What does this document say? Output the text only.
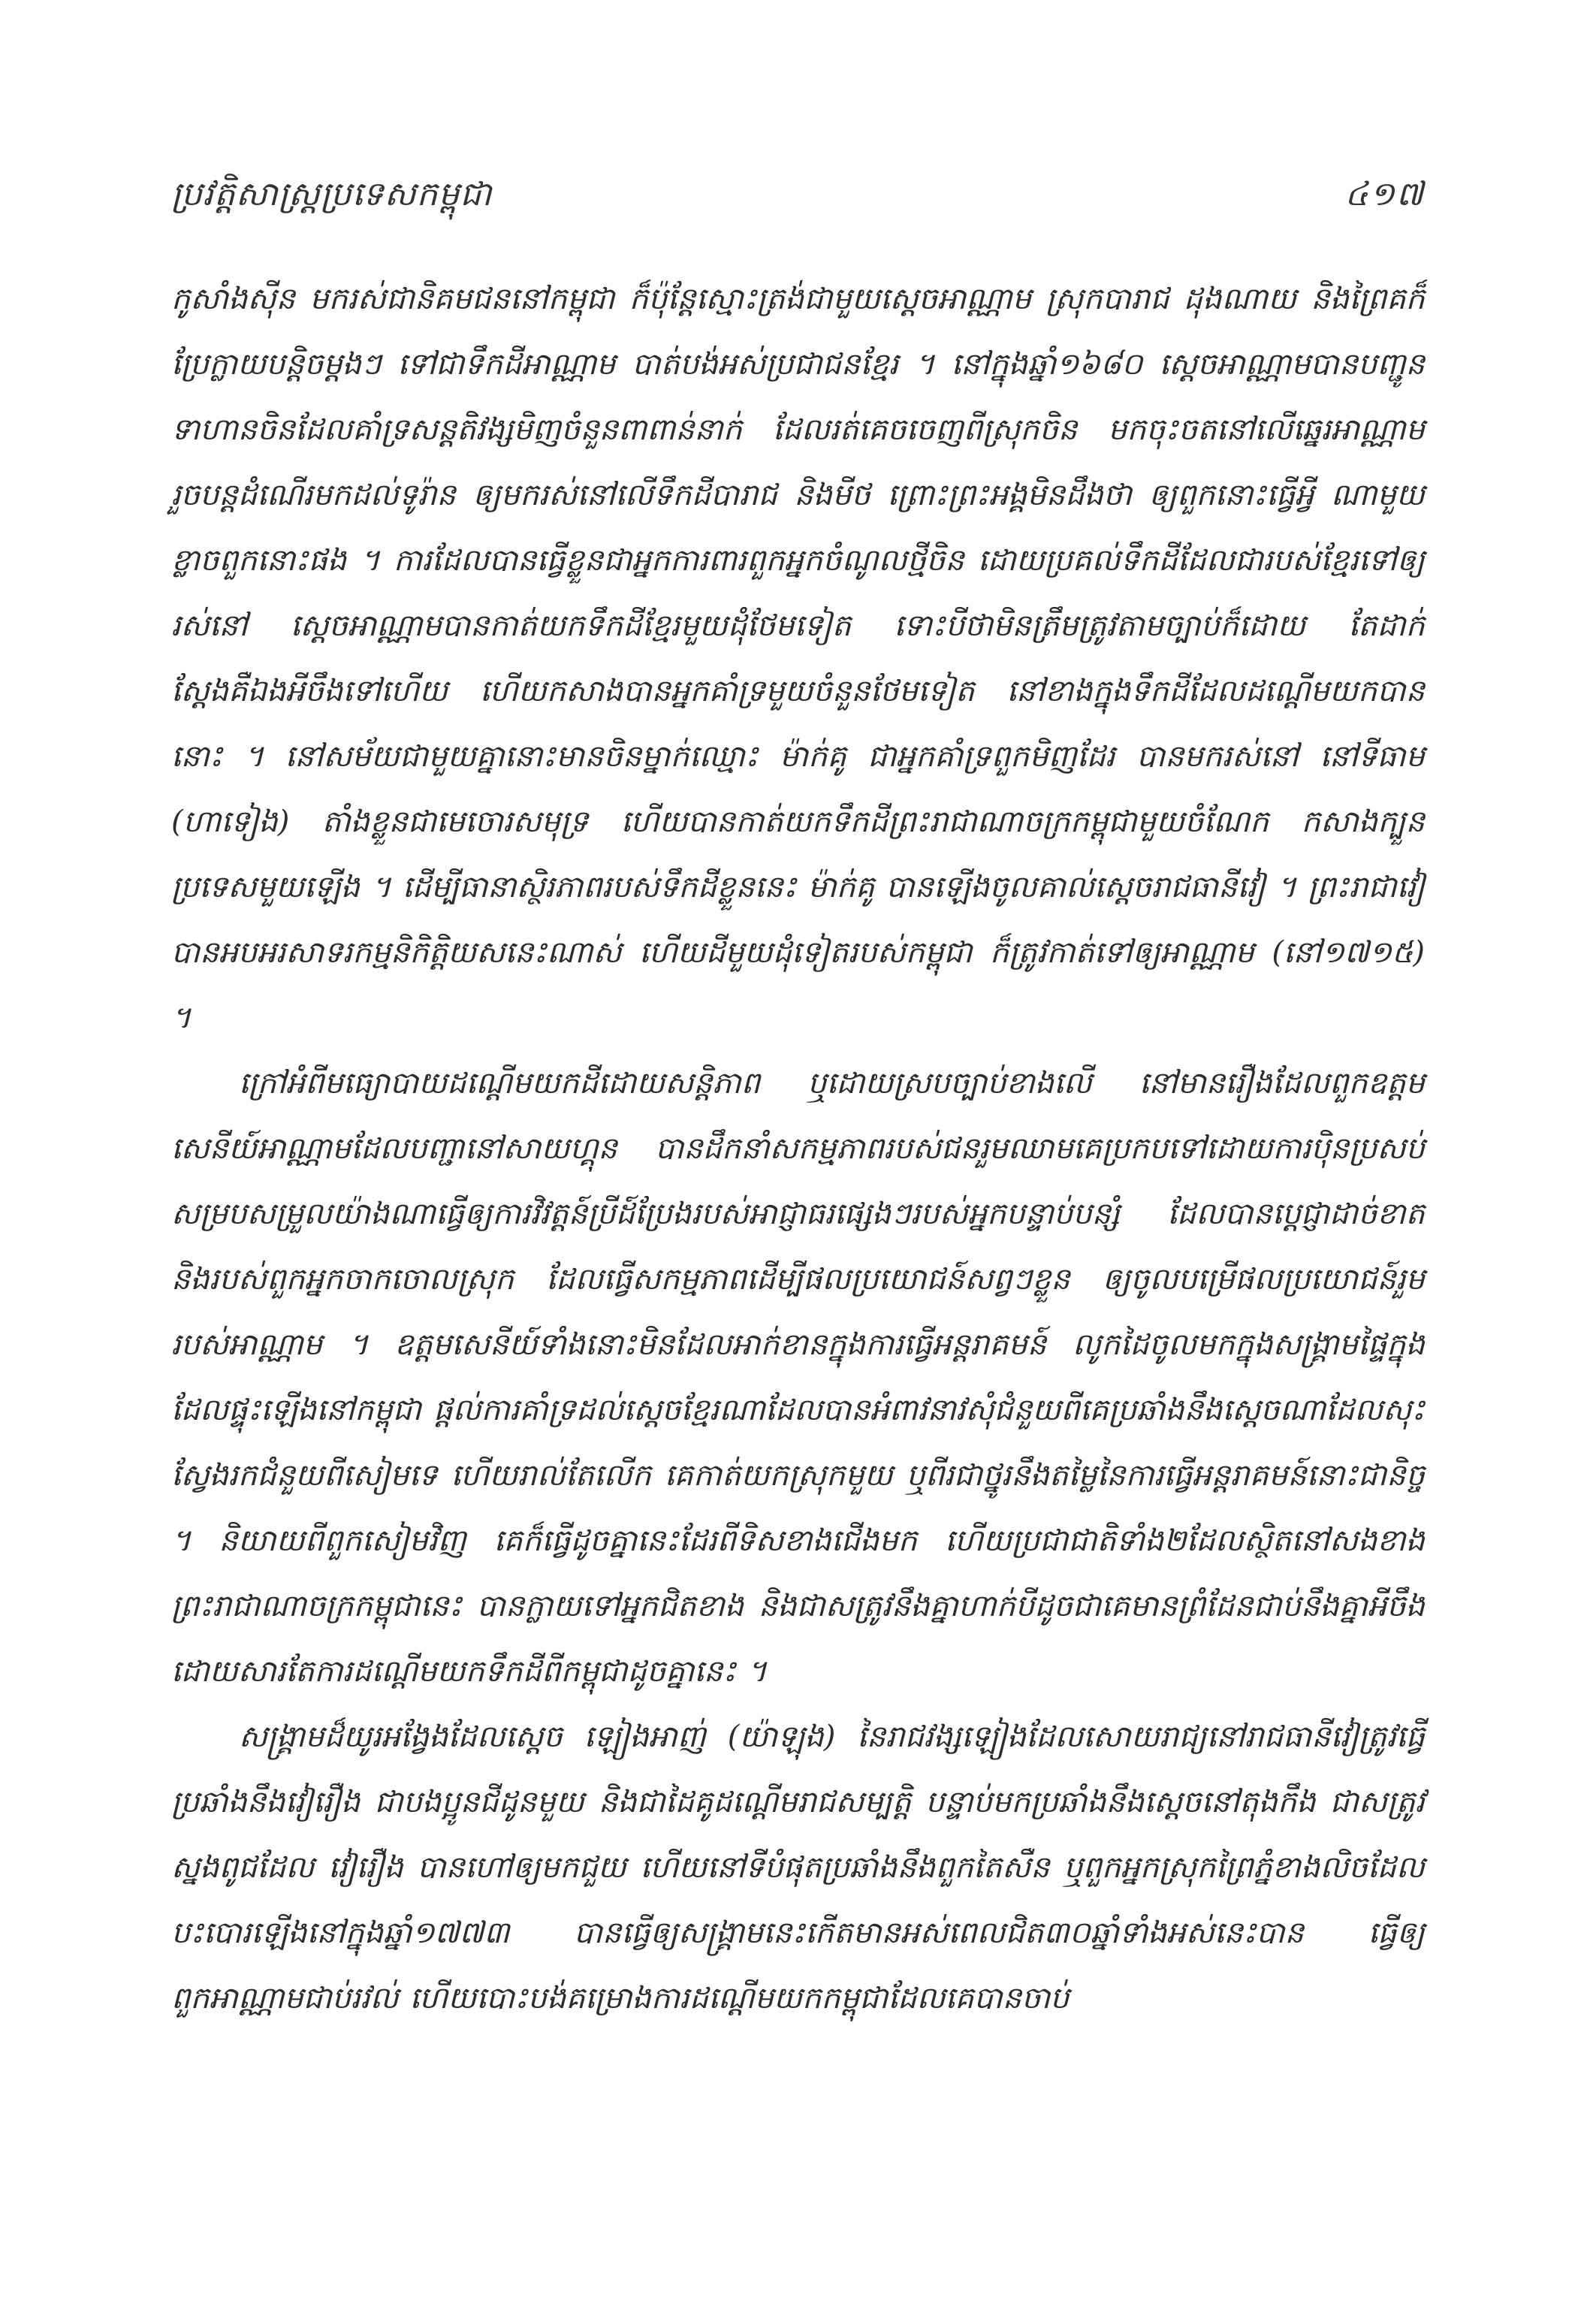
ប្រវត្តិសាស្ត្រប្រទេសកម្ពុជា	៤១៧

កូសាំងស៊ីន មករស់ជានិគមជននៅកម្ពុជា ក៏ប៉ុន្តែស្មោះត្រង់ជាមួយស្តេចអាណ្ណាម ស្រុកបារាជ ដុងណាយ និងព្រៃគក៏ប្រែក្លាយបន្តិចម្តងៗ ទៅជាទឹកដីអាណ្ណាម បាត់បង់អស់ប្រជាជនខ្មែរ ។ នៅក្នុងឆ្នាំ១៦៨០ ស្តេចអាណ្ណាមបានបញ្ជូនទាហានចិនដែលគាំទ្រសន្តតិវង្សមិញចំនួនពាពាន់នាក់ ដែលរត់គេចចេញពីស្រុកចិន មកចុះចតនៅលើឆ្នេរអាណ្ណាម រួចបន្តដំណើរមកដល់ទូរ៉ាន ឲ្យមករស់នៅលើទឹកដីបារាជ និងមីថ ព្រោះព្រះអង្គមិនដឹងថា ឲ្យពួកនោះធ្វើអ្វី ណាមួយខ្លាចពួកនោះផង ។ ការដែលបានធ្វើខ្លួនជាអ្នកការពារពួកអ្នកចំណូលថ្មីចិន ដោយប្រគល់ទឹកដីដែលជារបស់ខ្មែរទៅឲ្យរស់នៅ ស្តេចអាណ្ណាមបានកាត់យកទឹកដីខ្មែរមួយដុំថែមទៀត ទោះបីថាមិនត្រឹមត្រូវតាមច្បាប់ក៏ដោយ តែដាក់ស្តែងគឺឯងអីចឹងទៅហើយ ហើយកសាងបានអ្នកគាំទ្រមួយចំនួនថែមទៀត នៅខាងក្នុងទឹកដីដែលដណ្តើមយកបាននោះ ។ នៅសម័យជាមួយគ្នានោះមានចិនម្នាក់ឈ្មោះ ម៉ាក់គូ ជាអ្នកគាំទ្រពួកមិញដែរ បានមករស់នៅ នៅទីធាម (ហាទៀង) តាំងខ្លួនជាមេចោរសមុទ្រ ហើយបានកាត់យកទឹកដីព្រះរាជាណាចក្រកម្ពុជាមួយចំណែក កសាងក្បួនប្រទេសមួយឡើង ។ ដើម្បីធានាស្ថិរភាពរបស់ទឹកដីខ្លួននេះ ម៉ាក់គូ បានឡើងចូលគាល់ស្តេចរាជធានីវៀ ។ ព្រះរាជាវៀ បានអបអរសាទរកម្មនិកិត្តិយសនេះណាស់ ហើយដីមួយដុំទៀតរបស់កម្ពុជា ក៏ត្រូវកាត់ទៅឲ្យអាណ្ណាម (នៅ១៧១៥) ។

ក្រៅអំពីមធ្យោបាយដណ្តើមយកដីដោយសន្តិភាព ឬដោយស្របច្បាប់ខាងលើ នៅមានរឿងដែលពួកឧត្តមសេនីយ៍អាណ្ណាមដែលបញ្ជានៅសាយហ្គុន បានដឹកនាំសកម្មភាពរបស់ជនរួមឈាមគេប្រកបទៅដោយការប៉ិនប្រសប់ សម្របសម្រួលយ៉ាងណាធ្វើឲ្យការវិវត្តន៍ប្រីដ៍ប្រែងរបស់អាជ្ញាធរផ្សេងៗរបស់អ្នកបន្ទាប់បន្សំ ដែលបានប្តេជ្ញាដាច់ខាត និងរបស់ពួកអ្នកចាកចោលស្រុក ដែលធ្វើសកម្មភាពដើម្បីផលប្រយោជន៍សព្វៗខ្លួន ឲ្យចូលបម្រើផលប្រយោជន៍រួមរបស់អាណ្ណាម ។ ឧត្តមសេនីយ៍ទាំងនោះមិនដែលអាក់ខានក្នុងការធ្វើអន្តរាគមន៍ លូកដៃចូលមកក្នុងសង្គ្រាមផ្ទៃក្នុងដែលផ្ទុះឡើងនៅកម្ពុជា ផ្តល់ការគាំទ្រដល់ស្តេចខ្មែរណាដែលបានអំពាវនាវសុំជំនួយពីគេប្រឆាំងនឹងស្តេចណាដែលសុះស្វែងរកជំនួយពីសៀមទេ ហើយរាល់តែលើក គេកាត់យកស្រុកមួយ ឬពីរជាថ្នូរនឹងតម្លៃនៃការធ្វើអន្តរាគមន៍នោះជានិច្ច ។ និយាយពីពួកសៀមវិញ គេក៏ធ្វើដូចគ្នានេះដែរពីទិសខាងជើងមក ហើយប្រជាជាតិទាំង២ដែលស្ថិតនៅសងខាងព្រះរាជាណាចក្រកម្ពុជានេះ បានក្លាយទៅអ្នកជិតខាង និងជាសត្រូវនឹងគ្នាហាក់បីដូចជាគេមានព្រំដែនជាប់នឹងគ្នាអីចឹង ដោយសារតែការដណ្តើមយកទឹកដីពីកម្ពុជាដូចគ្នានេះ ។

សង្គ្រាមដ៏យូរអង្វែងដែលស្តេច ឡៀងអាញ់ (យ៉ាឡុង) នៃរាជវង្សឡៀងដែលសោយរាជ្យនៅរាជធានីវៀត្រូវធ្វើប្រឆាំងនឹងវៀរឿង ជាបងប្អូនជីដូនមួយ និងជាដៃគូដណ្តើមរាជសម្បត្តិ បន្ទាប់មកប្រឆាំងនឹងស្តេចនៅតុងកឹង ជាសត្រូវស្នងពូជដែល វៀរឿង បានហៅឲ្យមកជួយ ហើយនៅទីបំផុតប្រឆាំងនឹងពួកតៃសឺន ឬពួកអ្នកស្រុកព្រៃភ្នំខាងលិចដែលបះបោរឡើងនៅក្នុងឆ្នាំ១៧៧៣ បានធ្វើឲ្យសង្គ្រាមនេះកើតមានអស់ពេលជិត៣០ឆ្នាំទាំងអស់នេះបាន ធ្វើឲ្យពួកអាណ្ណាមជាប់រវល់ ហើយបោះបង់គម្រោងការដណ្តើមយកកម្ពុជាដែលគេបានចាប់
